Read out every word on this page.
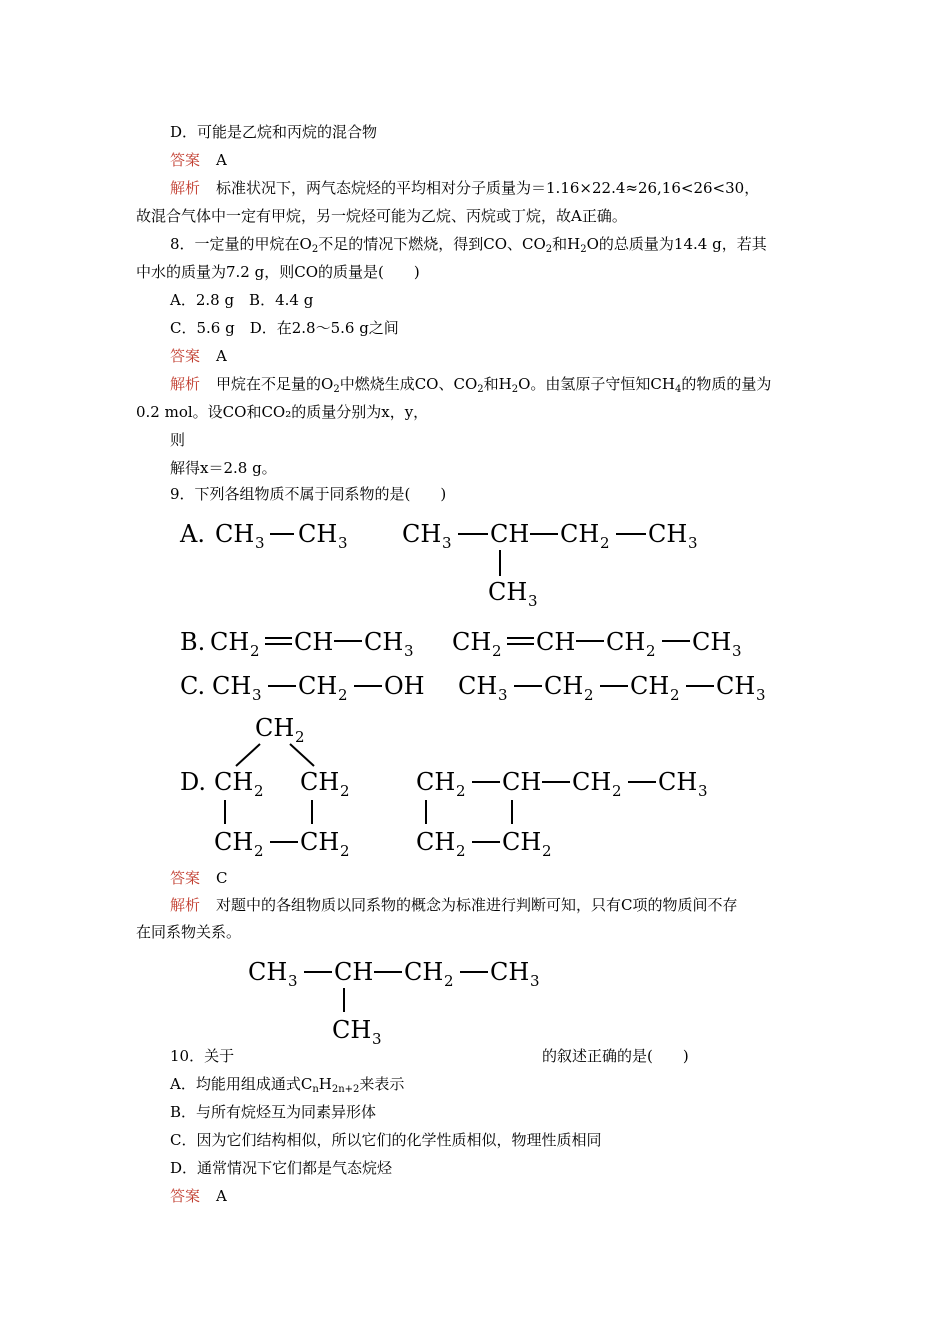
D．可能是乙烷和丙烷的混合物
答案 A
解析 标准状况下，两气态烷烃的平均相对分子质量为＝1.16×22.4≈26,16<26<30，
故混合气体中一定有甲烷，另一烷烃可能为乙烷、丙烷或丁烷，故A正确。
8．一定量的甲烷在$O_2$不足的情况下燃烧，得到CO、$CO_2$和$H_2O$的总质量为14.4 g，若其
中水的质量为7.2 g，则CO的质量是(　　)
A．2.8 g　B．4.4 g
C．5.6 g　D．在2.8～5.6 g之间
答案 A
解析 甲烷在不足量的$O_2$中燃烧生成CO、$CO_2$和$H_2O$。由氢原子守恒知$CH_4$的物质的量为
0.2 mol。设CO和CO₂的质量分别为x，y，
则
解得x＝2.8 g。
9．下列各组物质不属于同系物的是(　　)
A. CH 3 CH 3 CH 3 CH CH 2 CH 3
CH 3
B. CH 2 CH CH 3 CH 2 CH CH 2 CH 3
C. CH 3 CH 2 OH CH 3 CH 2 CH 2 CH 3
CH 2
D. CH 2 CH 2
CH 2 CH 2
CH 2 CH CH 2 CH 3
CH 2 CH 2
答案 C
解析 对题中的各组物质以同系物的概念为标准进行判断可知，只有C项的物质间不存
在同系物关系。
CH 3 CH CH 2 CH 3
CH 3
10．关于	的叙述正确的是(　　)
A．均能用组成通式$C_nH_{2n+2}$来表示
B．与所有烷烃互为同素异形体
C．因为它们结构相似，所以它们的化学性质相似，物理性质相同
D．通常情况下它们都是气态烷烃
答案 A
